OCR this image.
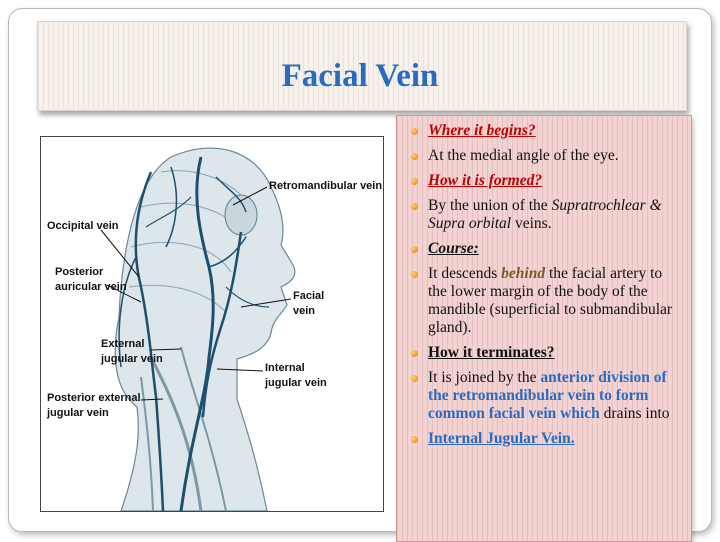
Facial Vein
Retromandibular vein
Occipital vein
Posterior
auricular vein
Facial
vein
External
jugular vein
Internal
jugular vein
Posterior external
jugular vein
Where it begins?
At the medial angle of the eye.
How it is formed?
By the union of the Supratrochlear & Supra orbital veins.
Course:
It descends behind the facial artery to the lower margin of the body of the mandible (superficial to submandibular gland).
How it terminates?
It is joined by the anterior division of the retromandibular vein to form common facial vein which drains into
Internal Jugular Vein.
